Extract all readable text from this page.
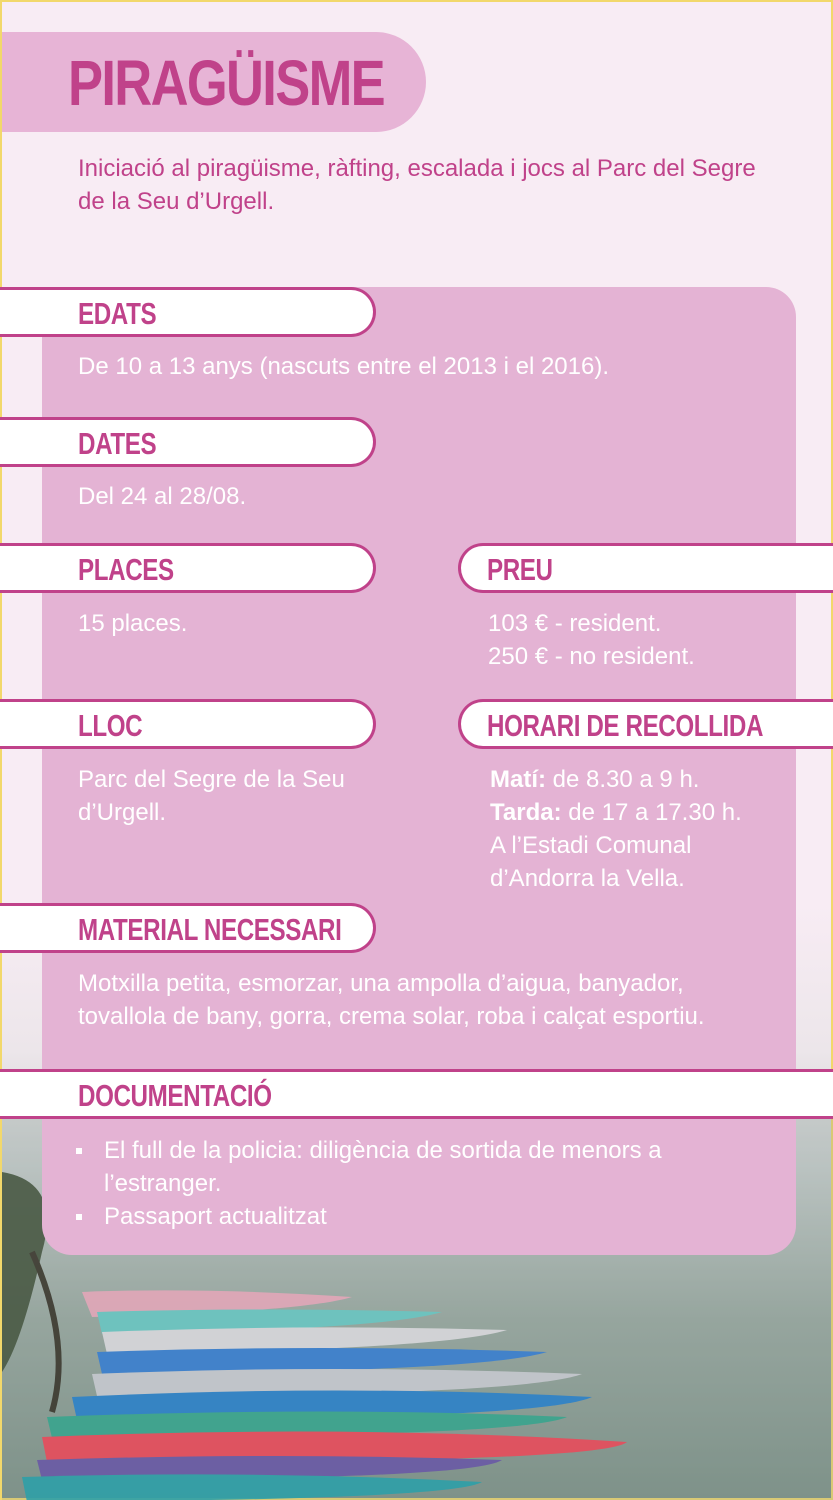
PIRAGÜISME
Iniciació al piragüisme, ràfting, escalada i jocs al Parc del Segre de la Seu d’Urgell.
EDATS
De 10 a 13 anys (nascuts entre el 2013 i el 2016).
DATES
Del 24 al 28/08.
PLACES
15 places.
PREU
103 € - resident.
250 € - no resident.
LLOC
Parc del Segre de la Seu
d’Urgell.
HORARI DE RECOLLIDA
Matí: de 8.30 a 9 h.
Tarda: de 17 a 17.30 h.
A l’Estadi Comunal
d’Andorra la Vella.
MATERIAL NECESSARI
Motxilla petita, esmorzar, una ampolla d’aigua, banyador,
tovallola de bany, gorra, crema solar, roba i calçat esportiu.
DOCUMENTACIÓ
El full de la policia: diligència de sortida de menors a
l’estranger.
Passaport actualitzat
